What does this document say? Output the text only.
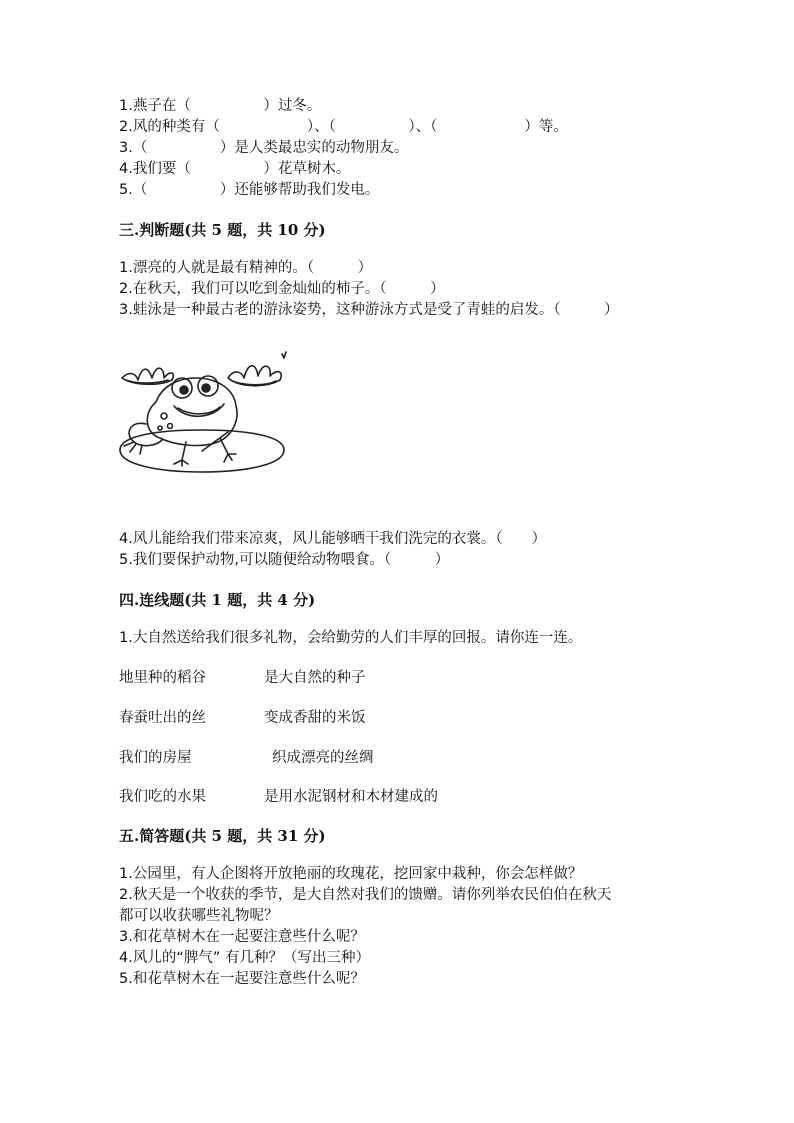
1.燕子在（　　　　　）过冬。
2.风的种类有（　　　　　　）、（　　　　　）、（　　　　　　）等。
3.（　　　　　）是人类最忠实的动物朋友。
4.我们要（　　　　　）花草树木。
5.（　　　　　）还能够帮助我们发电。
三.判断题(共 5 题，共 10 分)
1.漂亮的人就是最有精神的。（　　　）
2.在秋天，我们可以吃到金灿灿的柿子。（　　　）
3.蛙泳是一种最古老的游泳姿势，这种游泳方式是受了青蛙的启发。（　　　）
4.风儿能给我们带来凉爽，风儿能够晒干我们洗完的衣裳。（　　）
5.我们要保护动物,可以随便给动物喂食。（　　　）
四.连线题(共 1 题，共 4 分)
1.大自然送给我们很多礼物，会给勤劳的人们丰厚的回报。请你连一连。
地里种的稻谷	是大自然的种子
春蚕吐出的丝	变成香甜的米饭
我们的房屋	织成漂亮的丝绸
我们吃的水果	是用水泥钢材和木材建成的
五.简答题(共 5 题，共 31 分)
1.公园里，有人企图将开放艳丽的玫瑰花，挖回家中栽种，你会怎样做？
2.秋天是一个收获的季节，是大自然对我们的馈赠。请你列举农民伯伯在秋天
都可以收获哪些礼物呢？
3.和花草树木在一起要注意些什么呢？
4.风儿的“脾气” 有几种？（写出三种）
5.和花草树木在一起要注意些什么呢？
